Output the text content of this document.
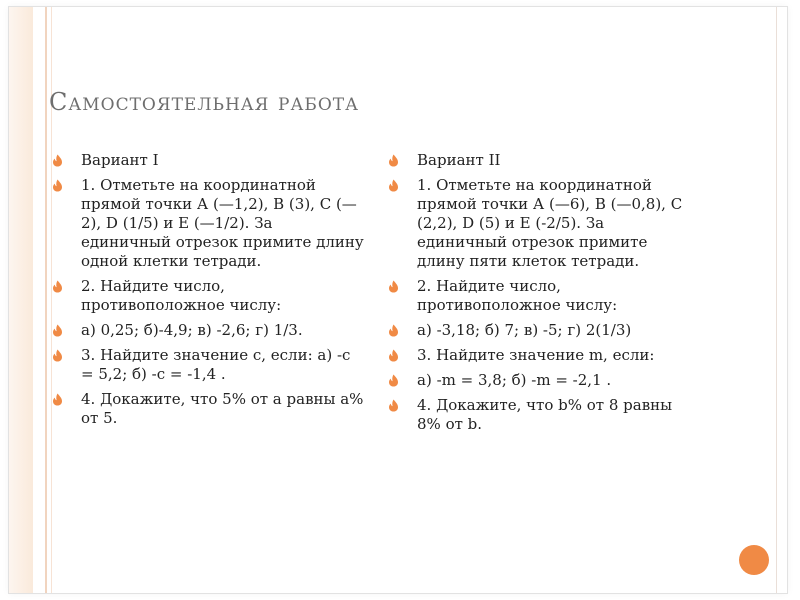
Самостоятельная работа
Вариант I
1. Отметьте на координатной прямой точки А (—1,2), В (3), С (—2), D (1/5) и Е (—1/2). За единичный отрезок примите длину одной клетки тетради.
2. Найдите число, противоположное числу:
а) 0,25; б)-4,9; в) -2,6; г) 1/3.
3. Найдите значение с, если: а) -с = 5,2; б) -с = -1,4 .
4. Докажите, что 5% от а равны а% от 5.
Вариант II
1. Отметьте на координатной прямой точки А (—6), В (—0,8), С (2,2), D (5) и E (-2/5). За единичный отрезок примите длину пяти клеток тетради.
2. Найдите число, противоположное числу:
а) -3,18; б) 7; в) -5; г) 2(1/3)
3. Найдите значение m, если:
а) -m = 3,8; б) -m = -2,1 .
4. Докажите, что b% от 8 равны 8% от b.
